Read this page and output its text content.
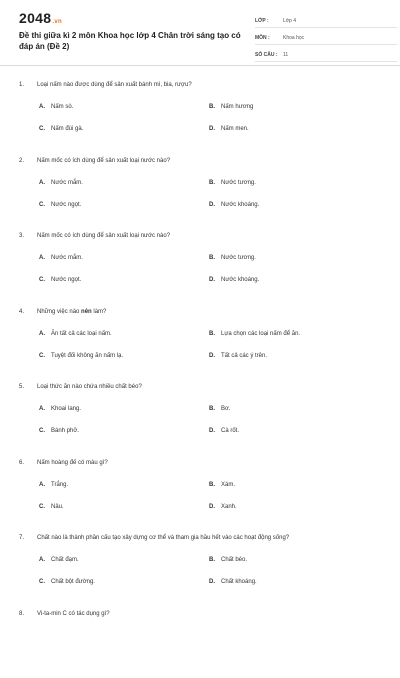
2048.vn
Đề thi giữa kì 2 môn Khoa học lớp 4 Chân trời sáng tạo có đáp án (Đề 2)
LỚP :	Lớp 4
MÔN :	Khoa học
SỐ CÂU :	11
1. Loại nấm nào được dùng để sản xuất bánh mì, bia, rượu?
A. Nấm sò.	B. Nấm hương
C. Nấm đùi gà.	D. Nấm men.
2. Nấm mốc có ích dùng để sản xuất loại nước nào?
A. Nước mắm.	B. Nước tương.
C. Nước ngọt.	D. Nước khoáng.
3. Nấm mốc có ích dùng để sản xuất loại nước nào?
A. Nước mắm.	B. Nước tương.
C. Nước ngọt.	D. Nước khoáng.
4. Những việc nào nên làm?
A. Ăn tất cả các loại nấm.	B. Lựa chọn các loại nấm để ăn.
C. Tuyệt đối không ăn nấm lạ.	D. Tất cả các ý trên.
5. Loại thức ăn nào chứa nhiều chất béo?
A. Khoai lang.	B. Bơ.
C. Bánh phở.	D. Cà rốt.
6. Nấm hoàng đế có màu gì?
A. Trắng.	B. Xám.
C. Nâu.	D. Xanh.
7. Chất nào là thành phần cấu tạo xây dựng cơ thể và tham gia hầu hết vào các hoạt động sống?
A. Chất đạm.	B. Chất béo.
C. Chất bột đường.	D. Chất khoáng.
8. Vi-ta-min C có tác dụng gì?
